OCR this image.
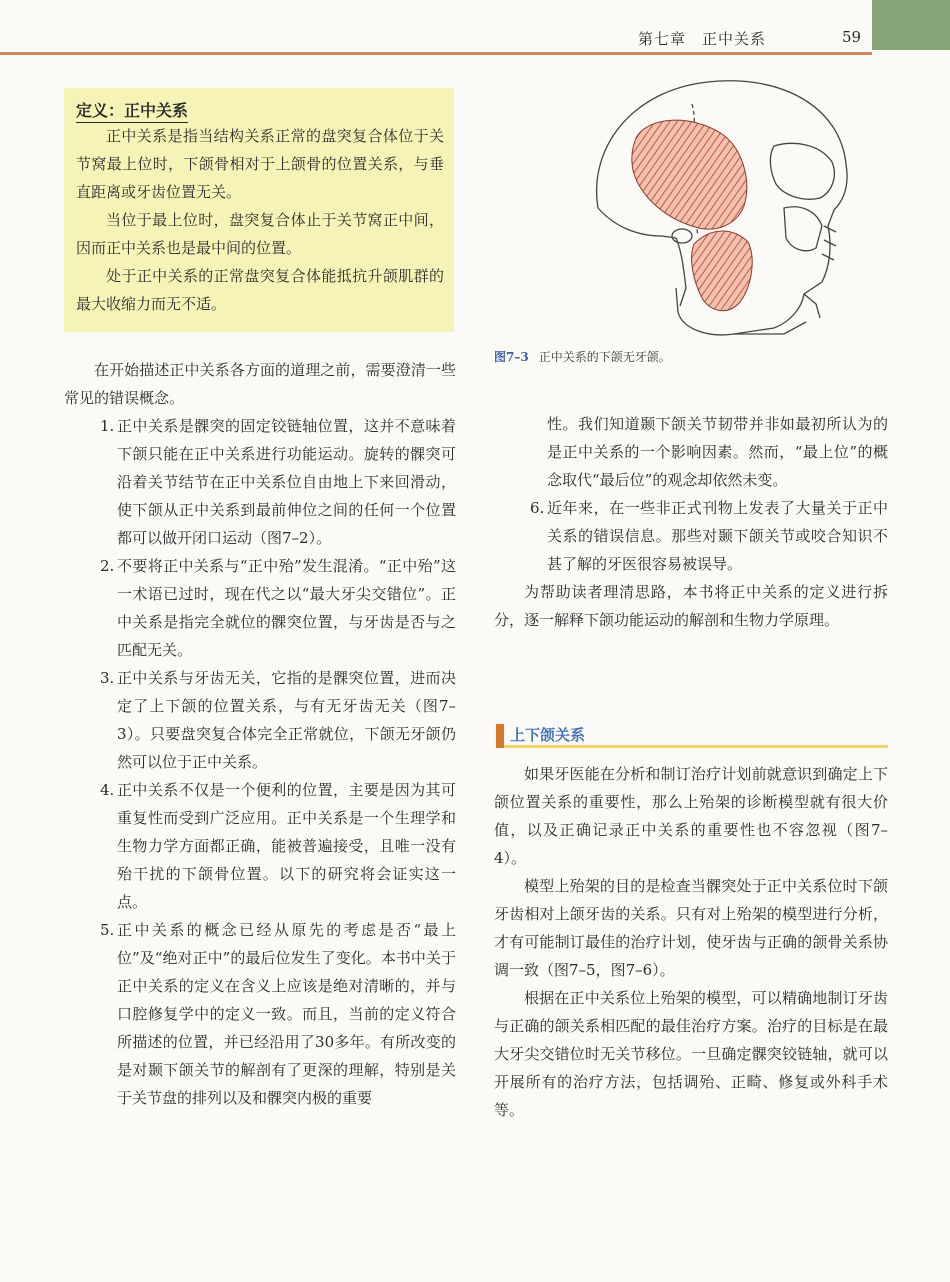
第七章　正中关系	59
定义：正中关系

正中关系是指当结构关系正常的盘突复合体位于关节窝最上位时，下颌骨相对于上颌骨的位置关系，与垂直距离或牙齿位置无关。

当位于最上位时，盘突复合体止于关节窝正中间，因而正中关系也是最中间的位置。

处于正中关系的正常盘突复合体能抵抗升颌肌群的最大收缩力而无不适。

在开始描述正中关系各方面的道理之前，需要澄清一些常见的错误概念。

1. 正中关系是髁突的固定铰链轴位置，这并不意味着下颌只能在正中关系进行功能运动。旋转的髁突可沿着关节结节在正中关系位自由地上下来回滑动，使下颌从正中关系到最前伸位之间的任何一个位置都可以做开闭口运动（图7–2）。
2. 不要将正中关系与“正中殆”发生混淆。“正中殆”这一术语已过时，现在代之以“最大牙尖交错位”。正中关系是指完全就位的髁突位置，与牙齿是否与之匹配无关。
3. 正中关系与牙齿无关，它指的是髁突位置，进而决定了上下颌的位置关系，与有无牙齿无关（图7–3）。只要盘突复合体完全正常就位，下颌无牙颌仍然可以位于正中关系。
4. 正中关系不仅是一个便利的位置，主要是因为其可重复性而受到广泛应用。正中关系是一个生理学和生物力学方面都正确，能被普遍接受，且唯一没有殆干扰的下颌骨位置。以下的研究将会证实这一点。
5. 正中关系的概念已经从原先的考虑是否“最上位”及“绝对正中”的最后位发生了变化。本书中关于正中关系的定义在含义上应该是绝对清晰的，并与口腔修复学中的定义一致。而且，当前的定义符合所描述的位置，并已经沿用了30多年。有所改变的是对颞下颌关节的解剖有了更深的理解，特别是关于关节盘的排列以及和髁突内极的重要
图7–3 正中关系的下颌无牙颌。
性。我们知道颞下颌关节韧带并非如最初所认为的是正中关系的一个影响因素。然而，“最上位”的概念取代“最后位”的观念却依然未变。
6. 近年来，在一些非正式刊物上发表了大量关于正中关系的错误信息。那些对颞下颌关节或咬合知识不甚了解的牙医很容易被误导。

为帮助读者理清思路，本书将正中关系的定义进行拆分，逐一解释下颌功能运动的解剖和生物力学原理。

上下颌关系

如果牙医能在分析和制订治疗计划前就意识到确定上下颌位置关系的重要性，那么上殆架的诊断模型就有很大价值，以及正确记录正中关系的重要性也不容忽视（图7–4）。

模型上殆架的目的是检查当髁突处于正中关系位时下颌牙齿相对上颌牙齿的关系。只有对上殆架的模型进行分析，才有可能制订最佳的治疗计划，使牙齿与正确的颌骨关系协调一致（图7–5，图7–6）。

根据在正中关系位上殆架的模型，可以精确地制订牙齿与正确的颌关系相匹配的最佳治疗方案。治疗的目标是在最大牙尖交错位时无关节移位。一旦确定髁突铰链轴，就可以开展所有的治疗方法，包括调殆、正畸、修复或外科手术等。
